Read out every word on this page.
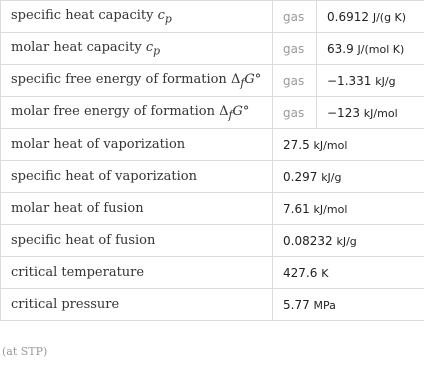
specific heat capacity $c_p$	gas	0.6912 J/(g K)
molar heat capacity $c_p$	gas	63.9 J/(mol K)
specific free energy of formation $\Delta_fG^\circ$	gas	−1.331 kJ/g
molar free energy of formation $\Delta_fG^\circ$	gas	−123 kJ/mol
molar heat of vaporization	27.5 kJ/mol	
specific heat of vaporization	0.297 kJ/g	
molar heat of fusion	7.61 kJ/mol	
specific heat of fusion	0.08232 kJ/g	
critical temperature	427.6 K	
critical pressure	5.77 MPa	
(at STP)
